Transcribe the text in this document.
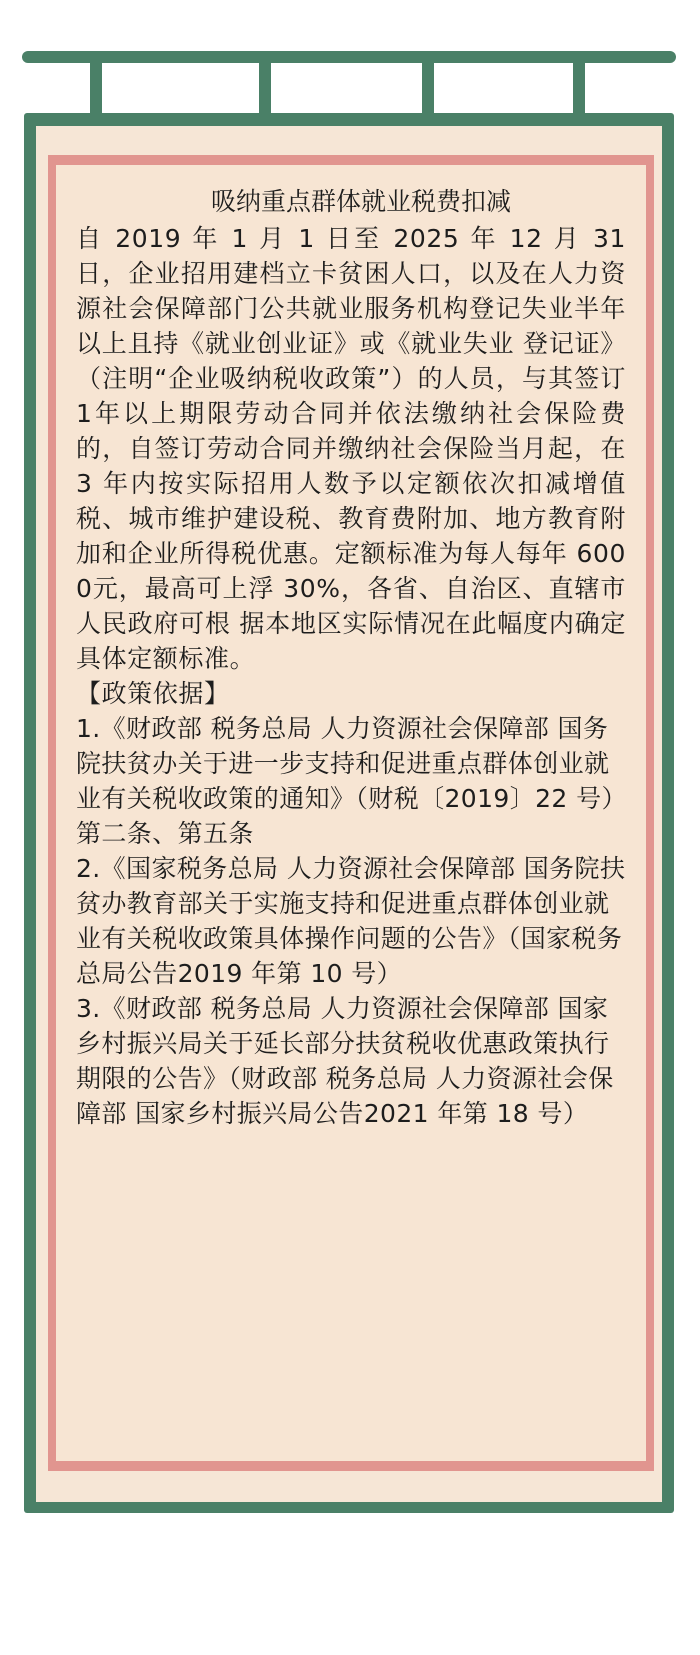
吸纳重点群体就业税费扣减

自 2019 年 1 月 1 日至 2025 年 12 月 31 日，企业招用建档立卡贫困人口，以及在人力资源社会保障部门公共就业服务机构登记失业半年以上且持《就业创业证》或《就业失业 登记证》（注明“企业吸纳税收政策”）的人员，与其签订1年以上期限劳动合同并依法缴纳社会保险费的，自签订劳动合同并缴纳社会保险当月起，在 3 年内按实际招用人数予以定额依次扣减增值税、城市维护建设税、教育费附加、地方教育附加和企业所得税优惠。定额标准为每人每年 6000元，最高可上浮 30%，各省、自治区、直辖市人民政府可根 据本地区实际情况在此幅度内确定具体定额标准。

【政策依据】

1.《财政部 税务总局 人力资源社会保障部 国务院扶贫办关于进一步支持和促进重点群体创业就业有关税收政策的通知》（财税〔2019〕22 号）第二条、第五条

2.《国家税务总局 人力资源社会保障部 国务院扶贫办教育部关于实施支持和促进重点群体创业就业有关税收政策具体操作问题的公告》（国家税务总局公告2019 年第 10 号）

3.《财政部 税务总局 人力资源社会保障部 国家乡村振兴局关于延长部分扶贫税收优惠政策执行期限的公告》（财政部 税务总局 人力资源社会保障部 国家乡村振兴局公告2021 年第 18 号）
